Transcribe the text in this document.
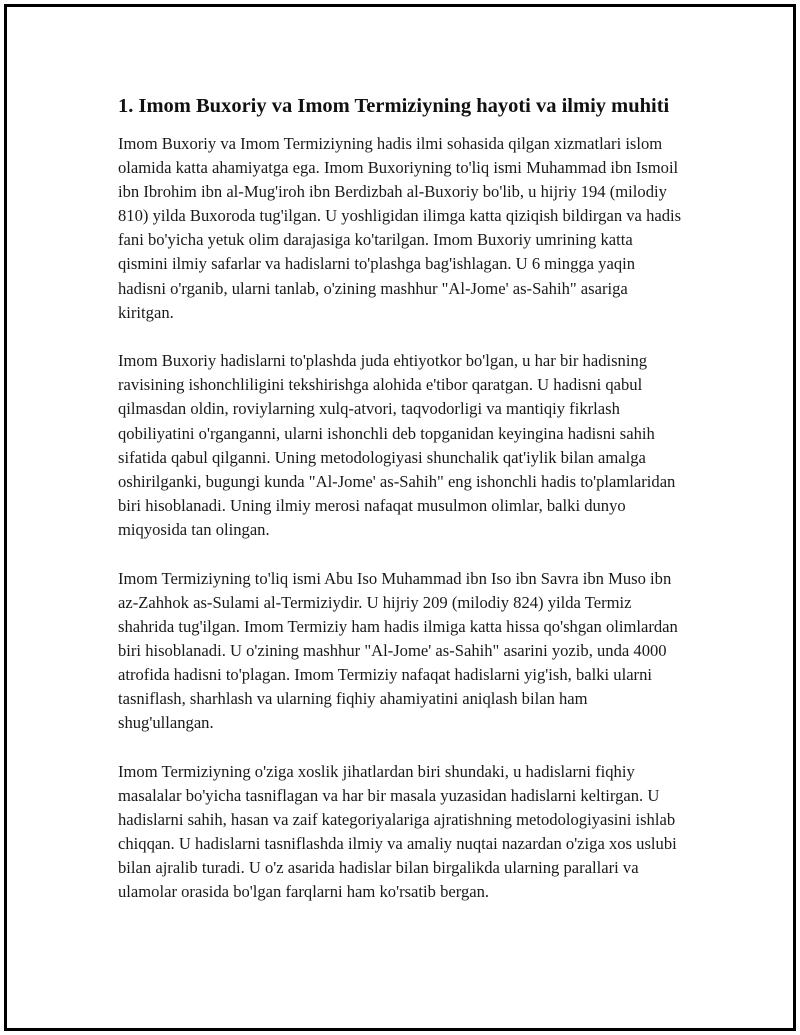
1. Imom Buxoriy va Imom Termiziyning hayoti va ilmiy muhiti

Imom Buxoriy va Imom Termiziyning hadis ilmi sohasida qilgan xizmatlari islom olamida katta ahamiyatga ega. Imom Buxoriyning to'liq ismi Muhammad ibn Ismoil ibn Ibrohim ibn al-Mug'iroh ibn Berdizbah al-Buxoriy bo'lib, u hijriy 194 (milodiy 810) yilda Buxoroda tug'ilgan. U yoshligidan ilimga katta qiziqish bildirgan va hadis fani bo'yicha yetuk olim darajasiga ko'tarilgan. Imom Buxoriy umrining katta qismini ilmiy safarlar va hadislarni to'plashga bag'ishlagan. U 6 mingga yaqin hadisni o'rganib, ularni tanlab, o'zining mashhur "Al-Jome' as-Sahih" asariga kiritgan.

Imom Buxoriy hadislarni to'plashda juda ehtiyotkor bo'lgan, u har bir hadisning ravisining ishonchliligini tekshirishga alohida e'tibor qaratgan. U hadisni qabul qilmasdan oldin, roviylarning xulq-atvori, taqvodorligi va mantiqiy fikrlash qobiliyatini o'rganganni, ularni ishonchli deb topganidan keyingina hadisni sahih sifatida qabul qilganni. Uning metodologiyasi shunchalik qat'iylik bilan amalga oshirilganki, bugungi kunda "Al-Jome' as-Sahih" eng ishonchli hadis to'plamlaridan biri hisoblanadi. Uning ilmiy merosi nafaqat musulmon olimlar, balki dunyo miqyosida tan olingan.

Imom Termiziyning to'liq ismi Abu Iso Muhammad ibn Iso ibn Savra ibn Muso ibn az-Zahhok as-Sulami al-Termiziydir. U hijriy 209 (milodiy 824) yilda Termiz shahrida tug'ilgan. Imom Termiziy ham hadis ilmiga katta hissa qo'shgan olimlardan biri hisoblanadi. U o'zining mashhur "Al-Jome' as-Sahih" asarini yozib, unda 4000 atrofida hadisni to'plagan. Imom Termiziy nafaqat hadislarni yig'ish, balki ularni tasniflash, sharhlash va ularning fiqhiy ahamiyatini aniqlash bilan ham shug'ullangan.

Imom Termiziyning o'ziga xoslik jihatlardan biri shundaki, u hadislarni fiqhiy masalalar bo'yicha tasniflagan va har bir masala yuzasidan hadislarni keltirgan. U hadislarni sahih, hasan va zaif kategoriyalariga ajratishning metodologiyasini ishlab chiqqan. U hadislarni tasniflashda ilmiy va amaliy nuqtai nazardan o'ziga xos uslubi bilan ajralib turadi. U o'z asarida hadislar bilan birgalikda ularning parallari va ulamolar orasida bo'lgan farqlarni ham ko'rsatib bergan.
